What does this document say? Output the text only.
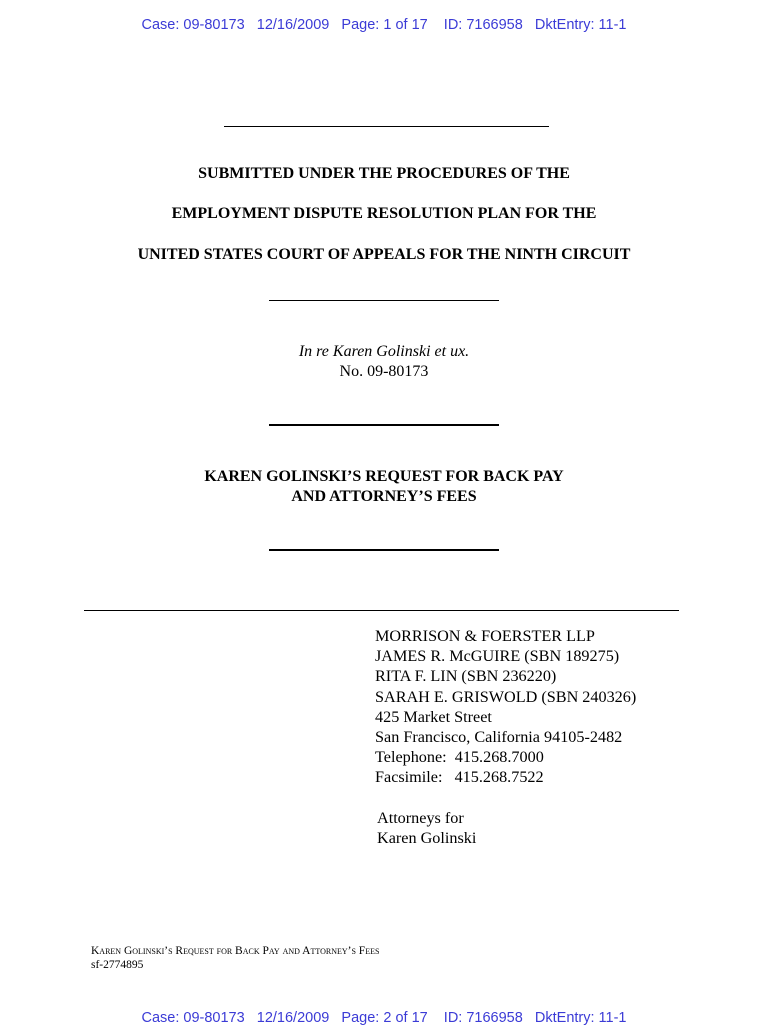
Case: 09-80173   12/16/2009   Page: 1 of 17    ID: 7166958   DktEntry: 11-1
SUBMITTED UNDER THE PROCEDURES OF THE
EMPLOYMENT DISPUTE RESOLUTION PLAN FOR THE
UNITED STATES COURT OF APPEALS FOR THE NINTH CIRCUIT
In re Karen Golinski et ux.
No. 09-80173
KAREN GOLINSKI’S REQUEST FOR BACK PAY
AND ATTORNEY’S FEES
MORRISON & FOERSTER LLP
JAMES R. McGUIRE (SBN 189275)
RITA F. LIN (SBN 236220)
SARAH E. GRISWOLD (SBN 240326)
425 Market Street
San Francisco, California 94105-2482
Telephone:  415.268.7000
Facsimile:   415.268.7522
Attorneys for
Karen Golinski
Karen Golinski’s Request for Back Pay and Attorney’s Fees
sf-2774895
Case: 09-80173   12/16/2009   Page: 2 of 17    ID: 7166958   DktEntry: 11-1
